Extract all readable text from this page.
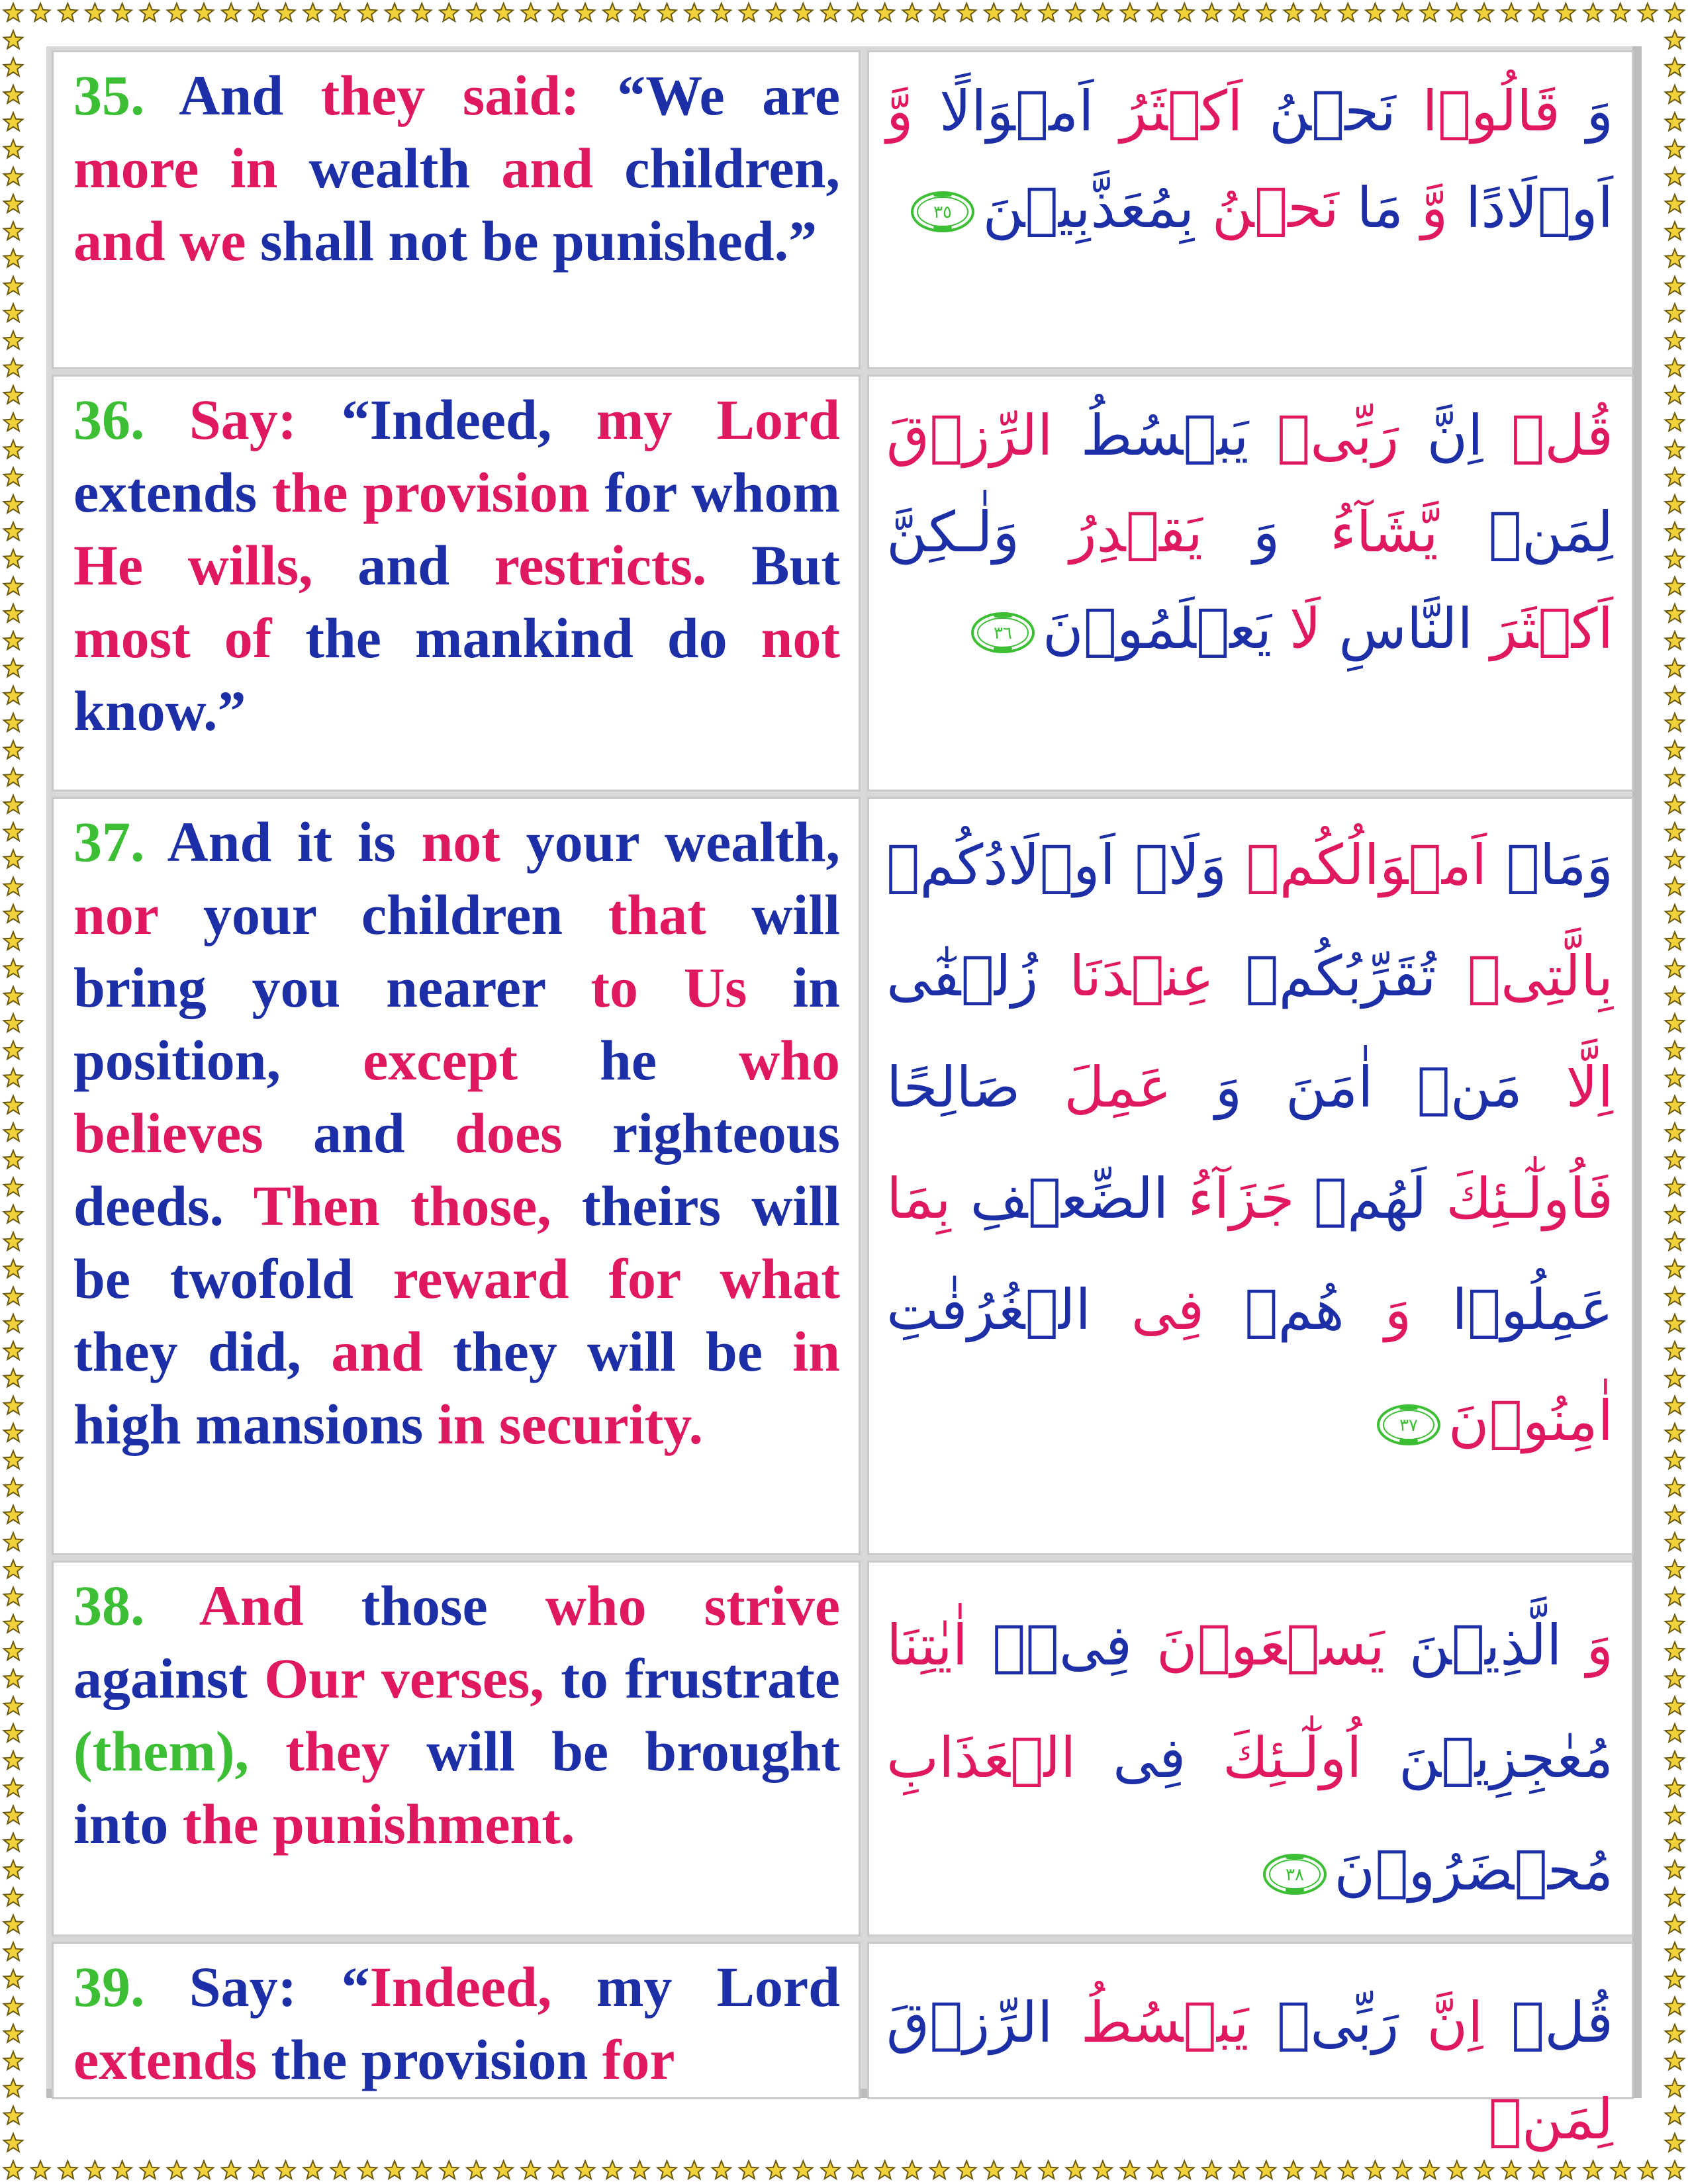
35. And they said: “We are more in wealth and children, and we shall not be punished.”

وَ قَالُوۡا نَحۡنُ اَكۡثَرُ اَمۡوَالًا وَّ اَوۡلَادًا وَّ مَا نَحۡنُ بِمُعَذَّبِيۡنَ
٣٥

36. Say: “Indeed, my Lord extends the provision for whom He wills, and restricts. But most of the mankind do not know.”

قُلۡ اِنَّ رَبِّىۡ يَبۡسُطُ الرِّزۡقَ لِمَنۡ يَّشَآءُ وَ يَقۡدِرُ وَلٰـكِنَّ اَكۡثَرَ النَّاسِ لَا يَعۡلَمُوۡنَ
٣٦

37. And it is not your wealth, nor your children that will bring you nearer to Us in position, except he who believes and does righteous deeds. Then those, theirs will be twofold reward for what they did, and they will be in high mansions in security.

وَمَاۤ اَمۡوَالُكُمۡ وَلَاۤ اَوۡلَادُكُمۡ بِالَّتِىۡ تُقَرِّبُكُمۡ عِنۡدَنَا زُلۡفٰٓى اِلَّا مَنۡ اٰمَنَ وَ عَمِلَ صَالِحًا فَاُولٰٓـئِكَ لَهُمۡ جَزَآءُ الضِّعۡفِ بِمَا عَمِلُوۡا وَ هُمۡ فِى الۡغُرُفٰتِ اٰمِنُوۡنَ
٣٧

38. And those who strive against Our verses, to frustrate (them), they will be brought into the punishment.

وَ الَّذِيۡنَ يَسۡعَوۡنَ فِىۡۤ اٰيٰتِنَا مُعٰجِزِيۡنَ اُولٰٓـئِكَ فِى الۡعَذَابِ مُحۡضَرُوۡنَ
٣٨

39. Say: “Indeed, my Lord extends the provision for

قُلۡ اِنَّ رَبِّىۡ يَبۡسُطُ الرِّزۡقَ لِمَنۡ
